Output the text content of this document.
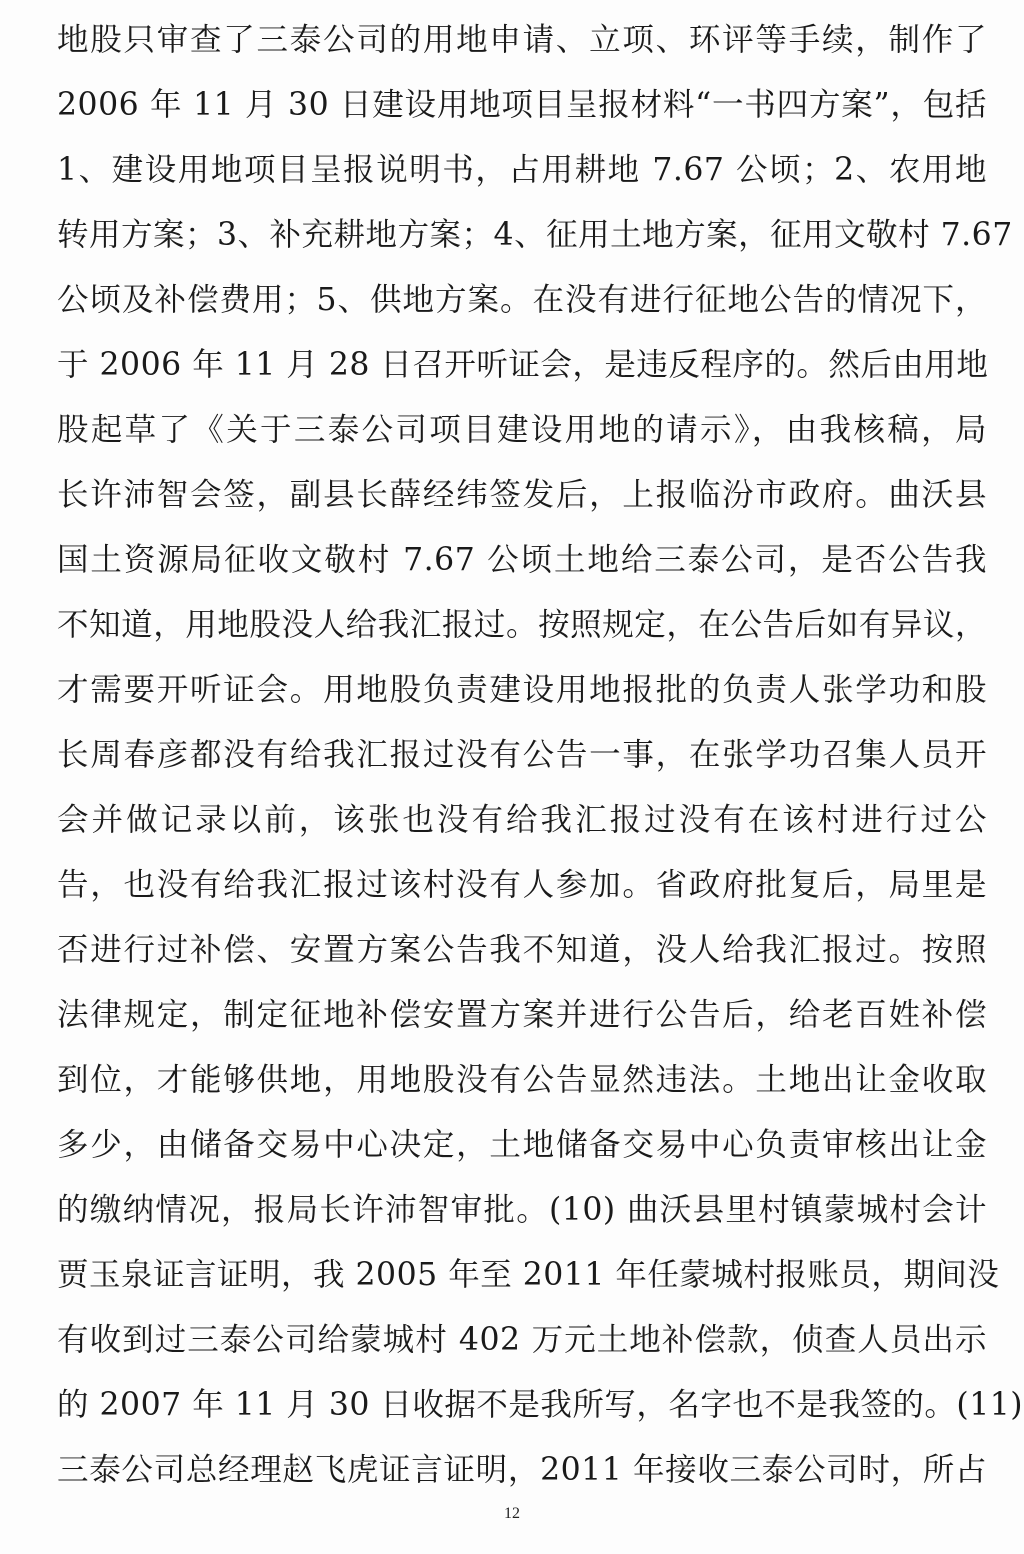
地股只审查了三泰公司的用地申请、立项、环评等手续，制作了
2006 年 11 月 30 日建设用地项目呈报材料“一书四方案”，包括
1、建设用地项目呈报说明书，占用耕地 7.67 公顷；2、农用地
转用方案；3、补充耕地方案；4、征用土地方案，征用文敬村 7.67
公顷及补偿费用；5、供地方案。在没有进行征地公告的情况下，
于 2006 年 11 月 28 日召开听证会，是违反程序的。然后由用地
股起草了《关于三泰公司项目建设用地的请示》，由我核稿，局
长许沛智会签，副县长薛经纬签发后，上报临汾市政府。曲沃县
国土资源局征收文敬村 7.67 公顷土地给三泰公司，是否公告我
不知道，用地股没人给我汇报过。按照规定，在公告后如有异议，
才需要开听证会。用地股负责建设用地报批的负责人张学功和股
长周春彦都没有给我汇报过没有公告一事，在张学功召集人员开
会并做记录以前，该张也没有给我汇报过没有在该村进行过公
告，也没有给我汇报过该村没有人参加。省政府批复后，局里是
否进行过补偿、安置方案公告我不知道，没人给我汇报过。按照
法律规定，制定征地补偿安置方案并进行公告后，给老百姓补偿
到位，才能够供地，用地股没有公告显然违法。土地出让金收取
多少，由储备交易中心决定，土地储备交易中心负责审核出让金
的缴纳情况，报局长许沛智审批。(10) 曲沃县里村镇蒙城村会计
贾玉泉证言证明，我 2005 年至 2011 年任蒙城村报账员，期间没
有收到过三泰公司给蒙城村 402 万元土地补偿款，侦查人员出示
的 2007 年 11 月 30 日收据不是我所写，名字也不是我签的。(11)
三泰公司总经理赵飞虎证言证明，2011 年接收三泰公司时，所占
12
